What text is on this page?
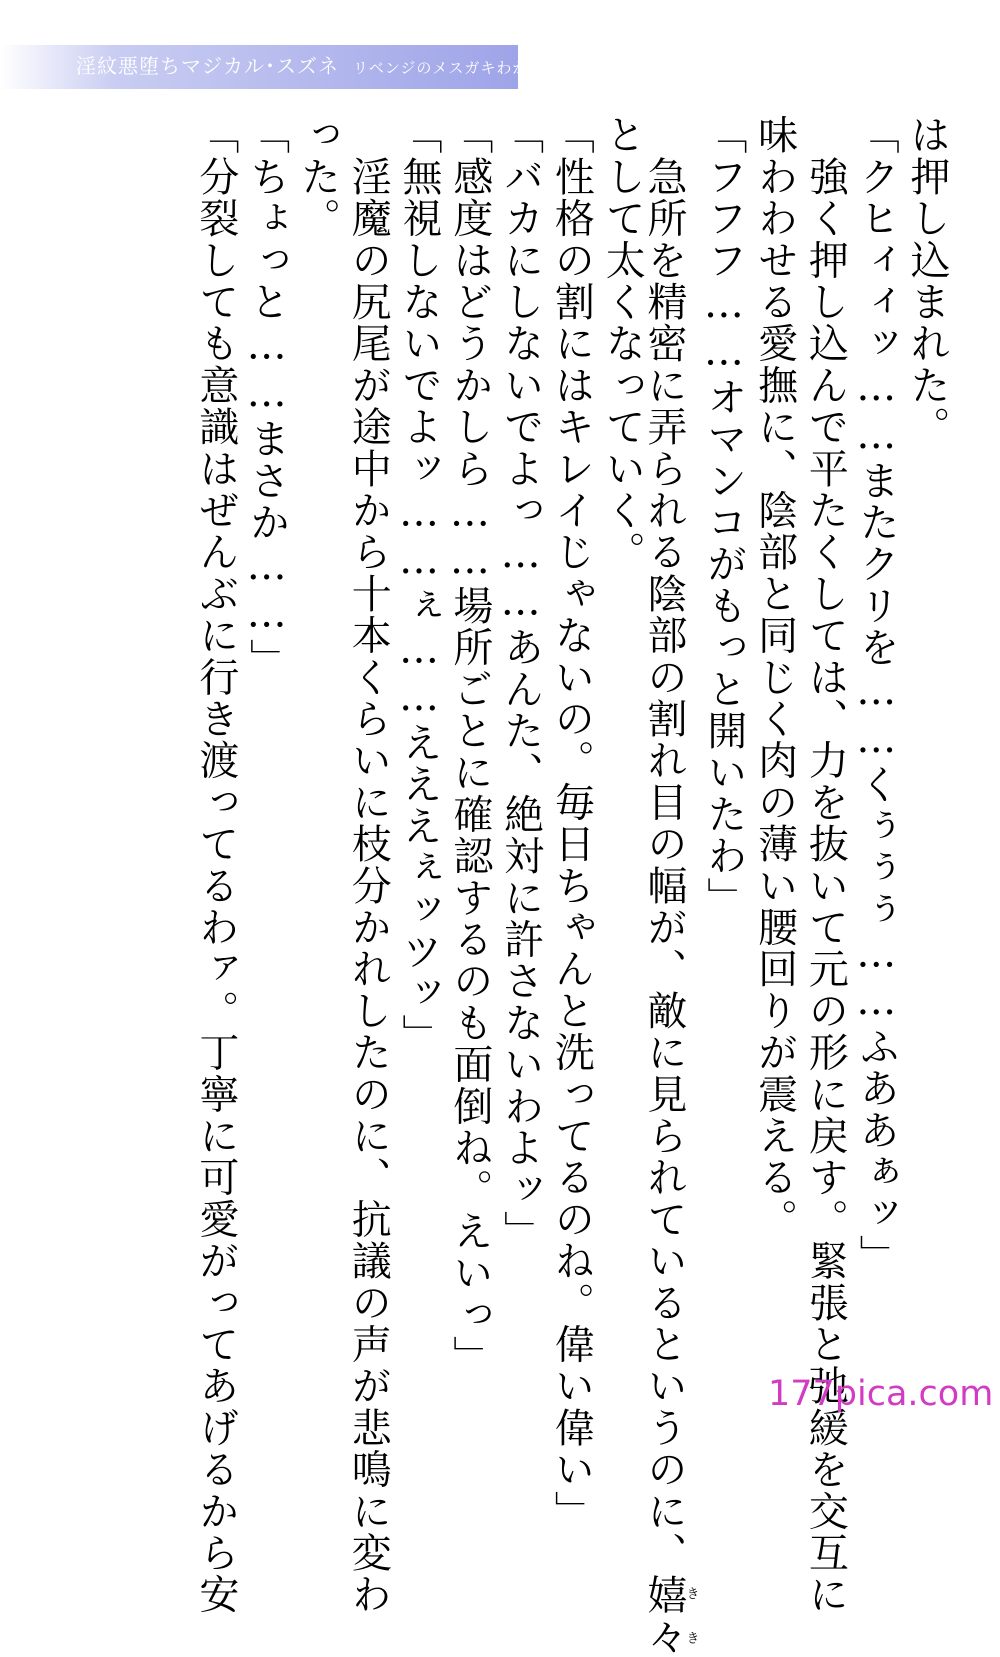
淫紋悪堕ちマジカル･スズネ リベンジのメスガキわからせ
は押し込まれた。
「クヒィィッ……またクリを……くぅぅぅ……ふああぁッ」
　強く押し込んで平たくしては、力を抜いて元の形に戻す。緊張と弛緩を交互に
味わわせる愛撫に、陰部と同じく肉の薄い腰回りが震える。
「フフフ……オマンコがもっと開いたわ」
　急所を精密に弄られる陰部の割れ目の幅が、敵に見られているというのに、嬉々きき
として太くなっていく。
「性格の割にはキレイじゃないの。毎日ちゃんと洗ってるのね。偉い偉い」
「バカにしないでよっ……あんた、絶対に許さないわよッ」
「感度はどうかしら……場所ごとに確認するのも面倒ね。えいっ」
「無視しないでよッ……ぇ……えええぇッツッ」
　淫魔の尻尾が途中から十本くらいに枝分かれしたのに、抗議の声が悲鳴に変わ
った。
「ちょっと……まさか……」
「分裂しても意識はぜんぶに行き渡ってるわァ。丁寧に可愛がってあげるから安	177pica.com
